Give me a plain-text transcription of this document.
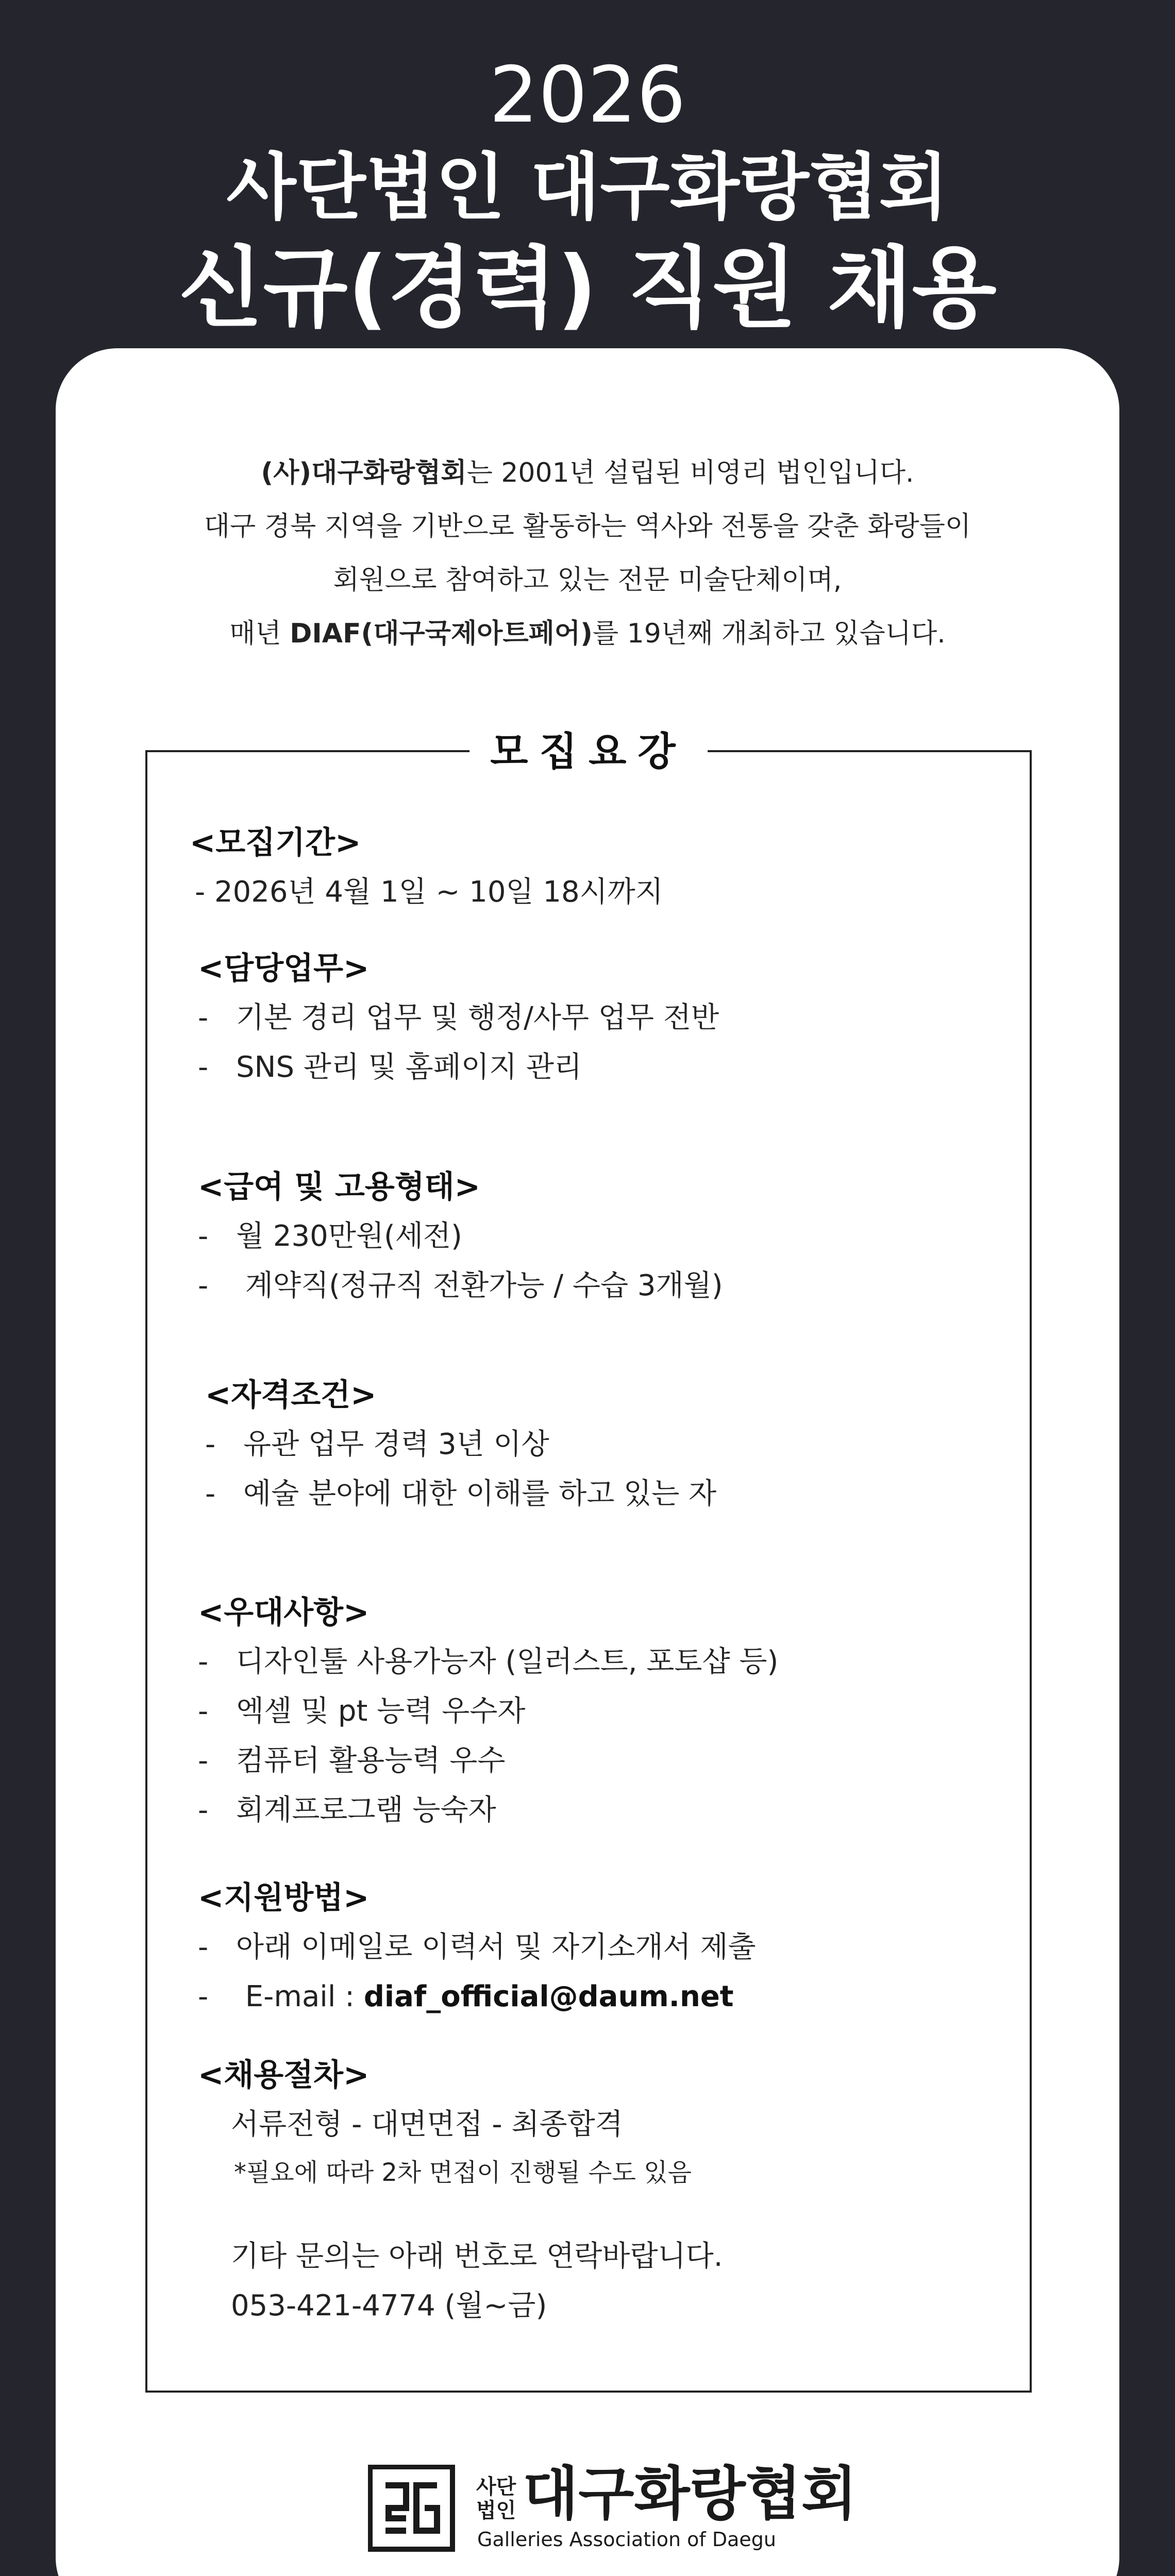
2026
사단법인 대구화랑협회
신규(경력) 직원 채용
(사)대구화랑협회는 2001년 설립된 비영리 법인입니다.
대구 경북 지역을 기반으로 활동하는 역사와 전통을 갖춘 화랑들이
회원으로 참여하고 있는 전문 미술단체이며,
매년 DIAF(대구국제아트페어)를 19년째 개최하고 있습니다.
모집요강
<모집기간>
- 2026년 4월 1일 ~ 10일 18시까지
<담당업무>
- 기본 경리 업무 및 행정/사무 업무 전반
- SNS 관리 및 홈페이지 관리
<급여 및 고용형태>
- 월 230만원(세전)
- 계약직(정규직 전환가능 / 수습 3개월)
<자격조건>
- 유관 업무 경력 3년 이상
- 예술 분야에 대한 이해를 하고 있는 자
<우대사항>
- 디자인툴 사용가능자 (일러스트, 포토샵 등)
- 엑셀 및 pt 능력 우수자
- 컴퓨터 활용능력 우수
- 회계프로그램 능숙자
<지원방법>
- 아래 이메일로 이력서 및 자기소개서 제출
- E-mail : diaf_official@daum.net
<채용절차>
서류전형 - 대면면접 - 최종합격
*필요에 따라 2차 면접이 진행될 수도 있음
기타 문의는 아래 번호로 연락바랍니다.
053-421-4774 (월~금)
사단
법인 대구화랑협회
Galleries Association of Daegu
